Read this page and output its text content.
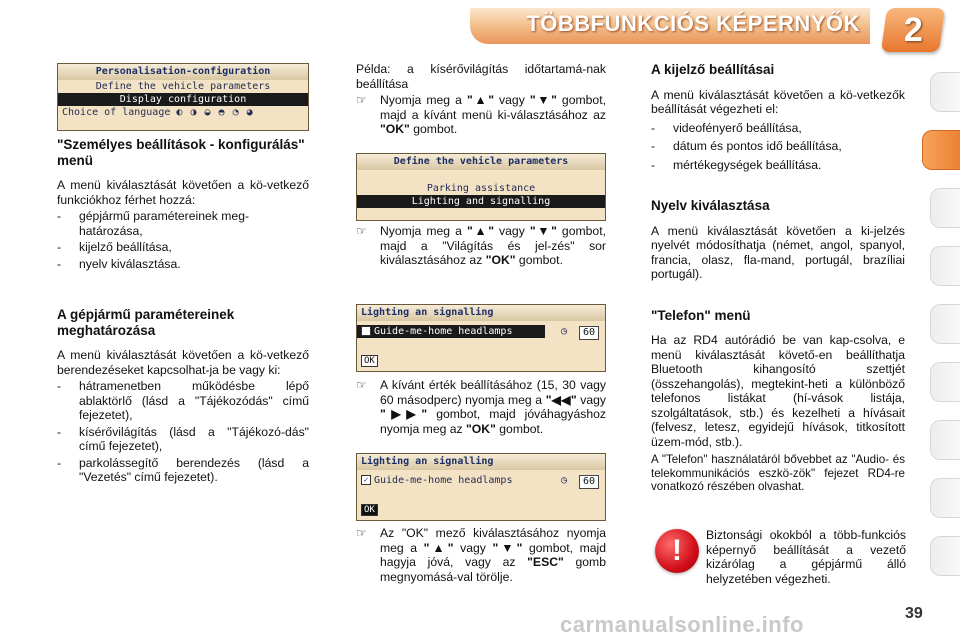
TÖBBFUNKCIÓS KÉPERNYŐK 2
Personalisation-configuration
Define the vehicle parameters
Display configuration
Choice of language ◐ ◑ ◒ ◓ ◔ ◕
"Személyes beállítások - konfigurálás" menü

A menü kiválasztását követően a kö-vetkező funkciókhoz férhet hozzá:

-	gépjármű paramétereinek meg-határozása,
-	kijelző beállítása,
-	nyelv kiválasztása.
A gépjármű paramétereinek meghatározása

A menü kiválasztását követően a kö-vetkező berendezéseket kapcsolhat-ja be vagy ki:

-	hátramenetben működésbe lépő ablaktörlő (lásd a "Tájékozódás" című fejezetet),
-	kísérővilágítás (lásd a "Tájékozó-dás" című fejezetet),
-	parkolássegítő berendezés (lásd a "Vezetés" című fejezetet).

Példa: a kísérővilágítás időtartamá-nak beállítása

☞	Nyomja meg a "▲" vagy "▼" gombot, majd a kívánt menü ki-választásához az "OK" gombot.
Define the vehicle parameters
Parking assistance
Lighting and signalling
☞	Nyomja meg a "▲" vagy "▼" gombot, majd a "Világítás és jel-zés" sor kiválasztásához az "OK" gombot.
Lighting an signalling
✓ Guide-me-home headlamps	◷	60
OK
☞	A kívánt érték beállításához (15, 30 vagy 60 másodperc) nyomja meg a "◀◀" vagy "▶▶" gombot, majd jóváhagyáshoz nyomja meg az "OK" gombot.
Lighting an signalling
✓ Guide-me-home headlamps	◷	60
OK
☞	Az "OK" mező kiválasztásához nyomja meg a "▲" vagy "▼" gombot, majd hagyja jóvá, vagy az "ESC" gomb megnyomásá-val törölje.
A kijelző beállításai

A menü kiválasztását követően a kö-vetkezők beállítását végezheti el:

-	videofényerő beállítása,
-	dátum és pontos idő beállítása,
-	mértékegységek beállítása.
Nyelv kiválasztása

A menü kiválasztását követően a ki-jelzés nyelvét módosíthatja (német, angol, spanyol, francia, olasz, fla-mand, portugál, brazíliai portugál).

"Telefon" menü

Ha az RD4 autórádió be van kap-csolva, e menü kiválasztását követő-en beállíthatja Bluetooth kihangosító szettjét (összehangolás), megtekint-heti a különböző telefonos listákat (hí-vások listája, szolgáltatások, stb.) és kezelheti a hívásait (felvesz, letesz, egyidejű hívások, titkosított üzem-mód, stb.).

A "Telefon" használatáról bővebbet az "Audio- és telekommunikációs eszkö-zök" fejezet RD4-re vonatkozó részében olvashat.

!	Biztonsági okokból a több-funkciós képernyő beállítását a vezető kizárólag a gépjármű álló helyzetében végezheti.

carmanualsonline.info	39
